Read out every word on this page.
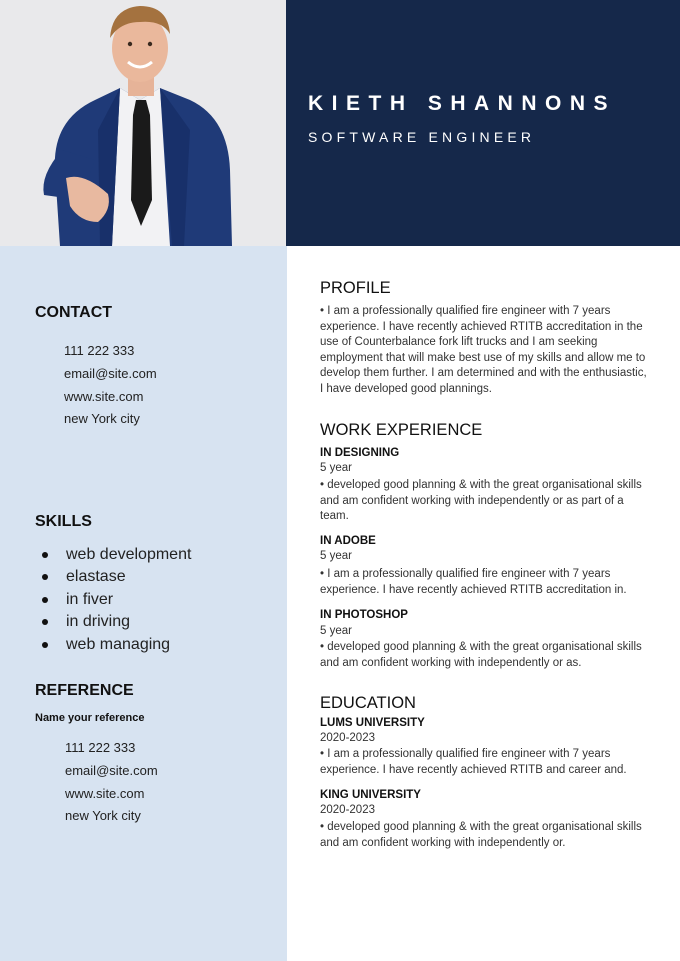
KIETH SHANNONS
SOFTWARE ENGINEER
CONTACT
111 222 333
email@site.com
www.site.com
new York city
SKILLS
web development
elastase
in fiver
in driving
web managing
REFERENCE
Name your reference
111 222 333
email@site.com
www.site.com
new York city
PROFILE
• I am a professionally qualified fire engineer with 7 years experience. I have recently achieved RTITB accreditation in the use of Counterbalance fork lift trucks and I am seeking employment that will make best use of my skills and allow me to develop them further. I am determined and with the enthusiastic, I have developed good plannings.
WORK EXPERIENCE
IN DESIGNING
5 year
• developed good planning & with the great organisational skills and am confident working with independently or as part of a team.
IN ADOBE
5 year
• I am a professionally qualified fire engineer with 7 years experience. I have recently achieved RTITB accreditation in.
IN PHOTOSHOP
5 year
• developed good planning & with the great organisational skills and am confident working with independently or as.
EDUCATION
LUMS UNIVERSITY
2020-2023
• I am a professionally qualified fire engineer with 7 years experience. I have recently achieved RTITB and career and.
KING UNIVERSITY
2020-2023
• developed good planning & with the great organisational skills and am confident working with independently or.
